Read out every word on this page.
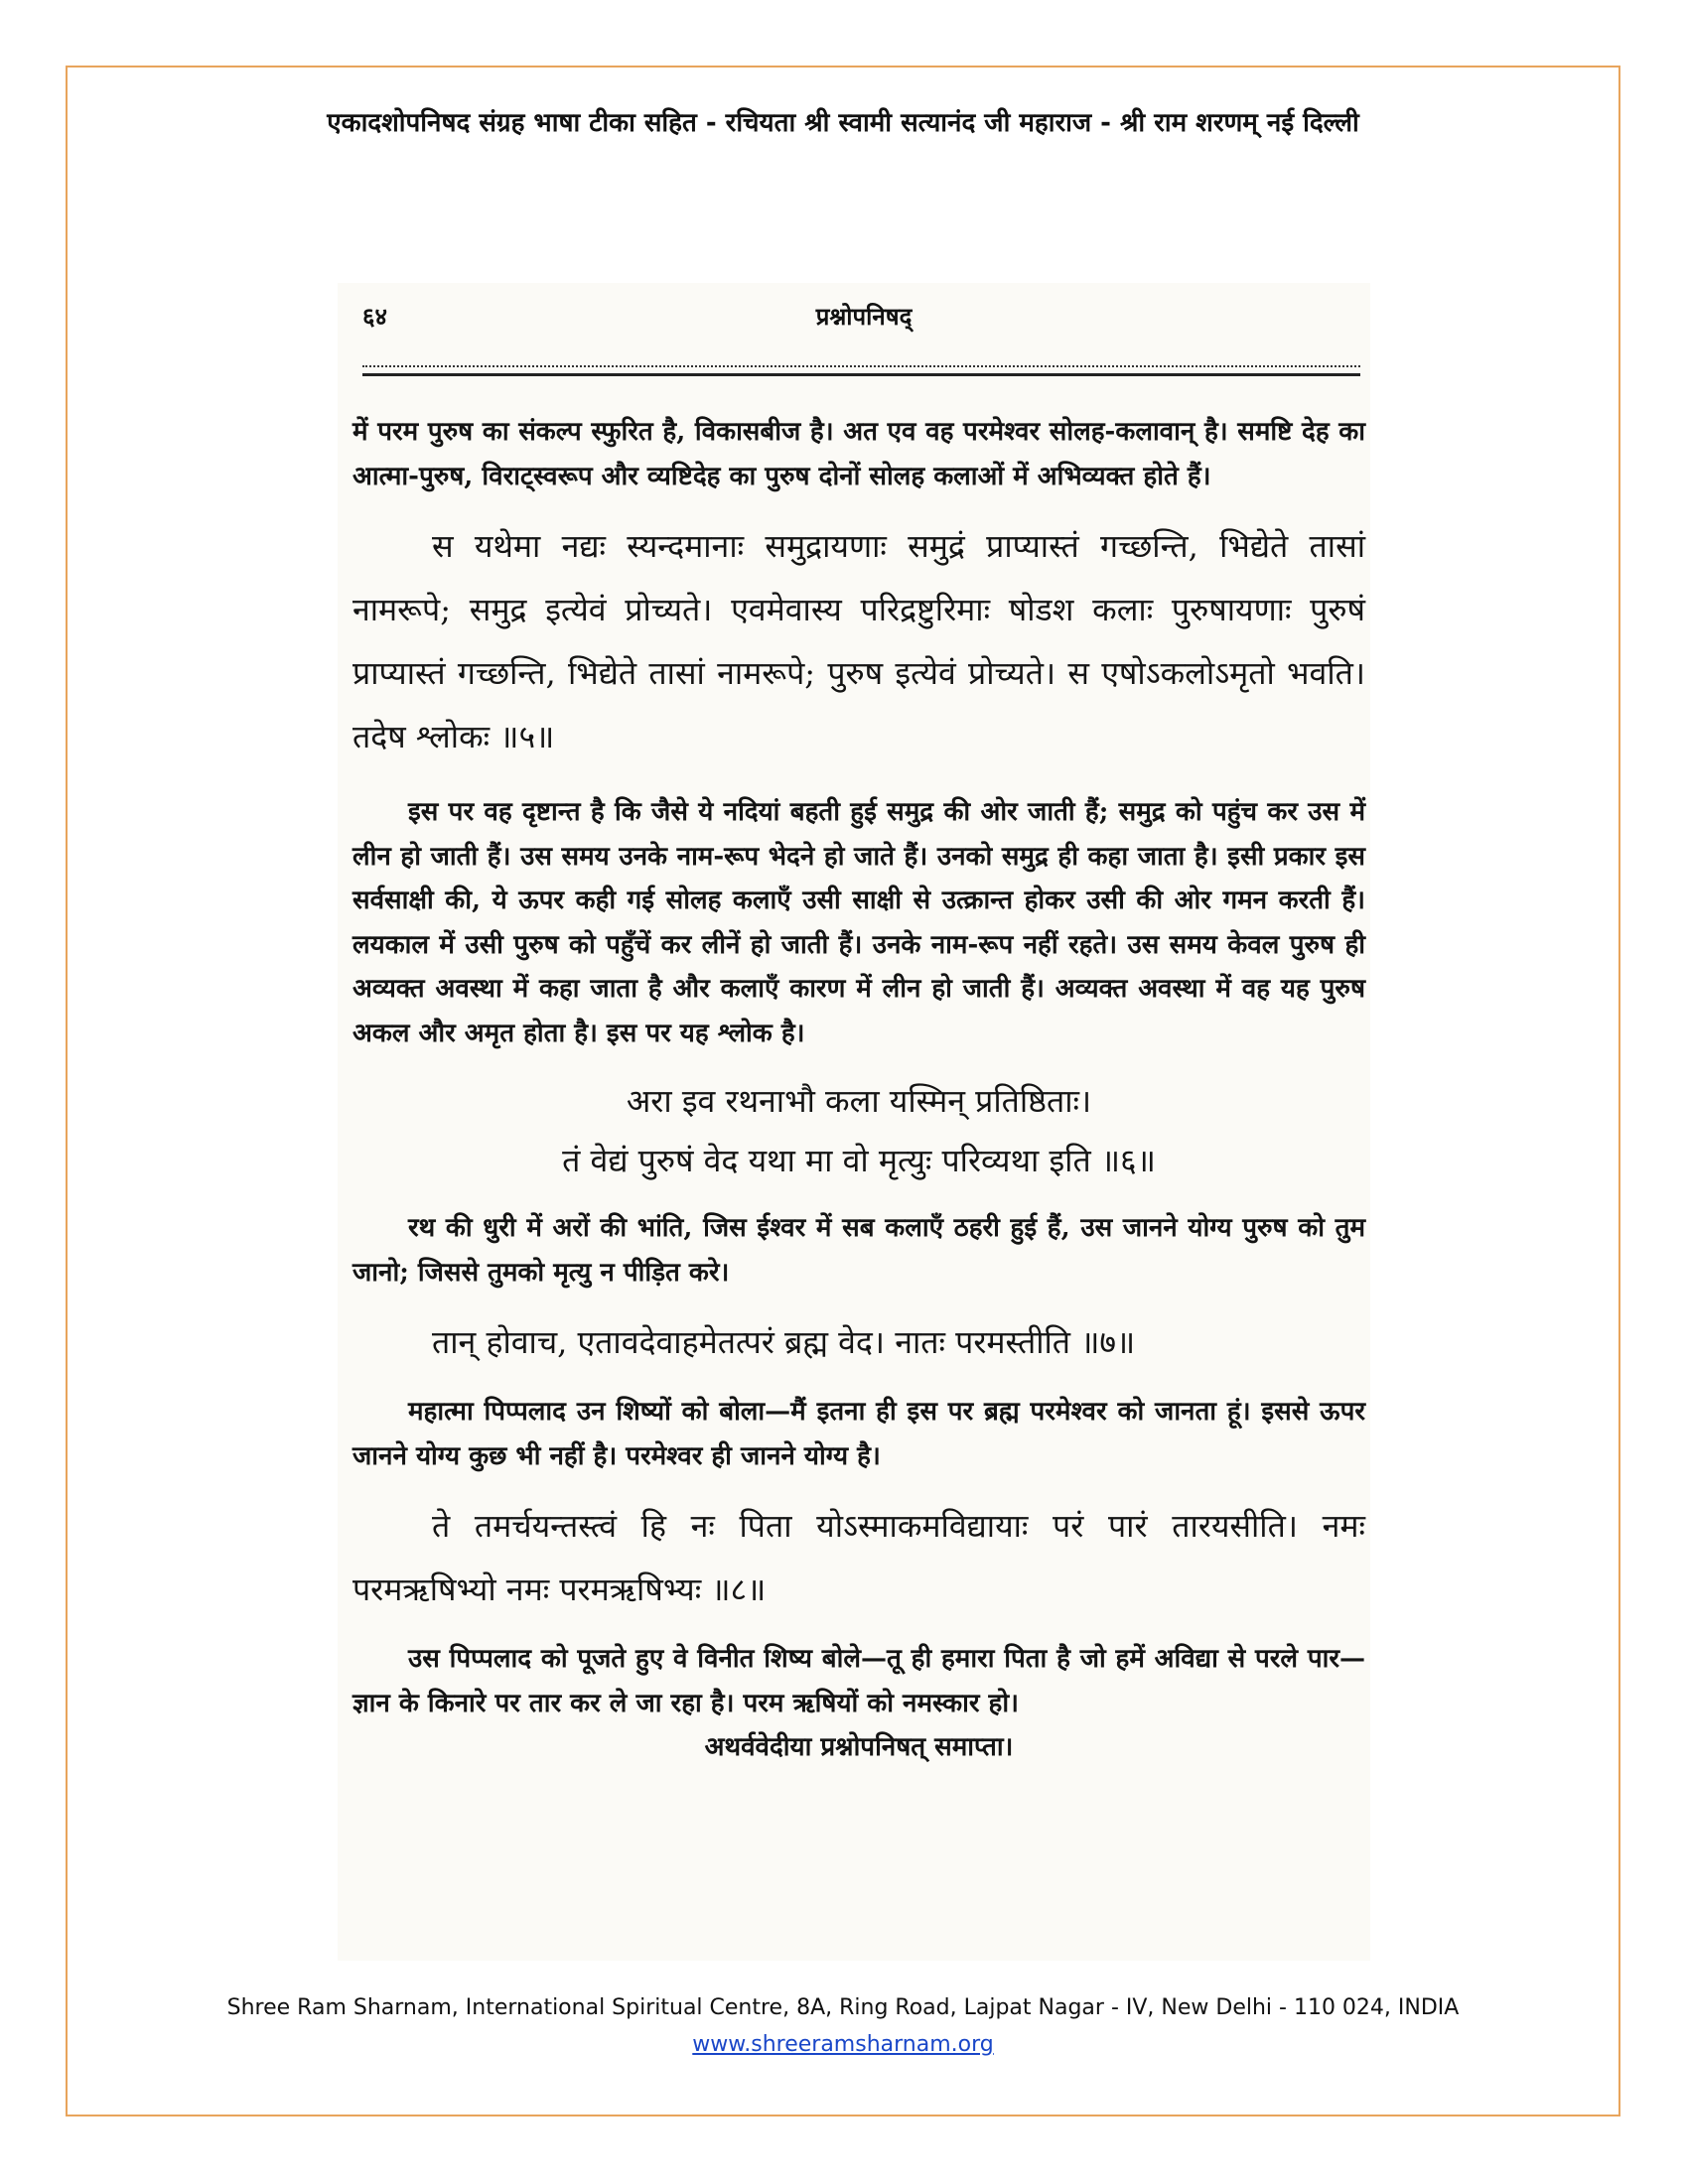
एकादशोपनिषद संग्रह भाषा टीका सहित - रचियता श्री स्वामी सत्यानंद जी महाराज - श्री राम शरणम् नई दिल्ली
६४	प्रश्नोपनिषद्

में परम पुरुष का संकल्प स्फुरित है, विकासबीज है। अत एव वह परमेश्वर सोलह-कलावान् है। समष्टि देह का आत्मा-पुरुष, विराट्स्वरूप और व्यष्टिदेह का पुरुष दोनों सोलह कलाओं में अभिव्यक्त होते हैं।

स यथेमा नद्यः स्यन्दमानाः समुद्रायणाः समुद्रं प्राप्यास्तं गच्छन्ति, भिद्येते तासां नामरूपे; समुद्र इत्येवं प्रोच्यते। एवमेवास्य परिद्रष्टुरिमाः षोडश कलाः पुरुषायणाः पुरुषं प्राप्यास्तं गच्छन्ति, भिद्येते तासां नामरूपे; पुरुष इत्येवं प्रोच्यते। स एषोऽकलोऽमृतो भवति। तदेष श्लोकः ॥५॥

इस पर वह दृष्टान्त है कि जैसे ये नदियां बहती हुई समुद्र की ओर जाती हैं; समुद्र को पहुंच कर उस में लीन हो जाती हैं। उस समय उनके नाम-रूप भेदने हो जाते हैं। उनको समुद्र ही कहा जाता है। इसी प्रकार इस सर्वसाक्षी की, ये ऊपर कही गई सोलह कलाएँ उसी साक्षी से उत्क्रान्त होकर उसी की ओर गमन करती हैं। लयकाल में उसी पुरुष को पहुँचें कर लीनें हो जाती हैं। उनके नाम-रूप नहीं रहते। उस समय केवल पुरुष ही अव्यक्त अवस्था में कहा जाता है और कलाएँ कारण में लीन हो जाती हैं। अव्यक्त अवस्था में वह यह पुरुष अकल और अमृत होता है। इस पर यह श्लोक है।

अरा इव रथनाभौ कला यस्मिन् प्रतिष्ठिताः।

तं वेद्यं पुरुषं वेद यथा मा वो मृत्युः परिव्यथा इति ॥६॥

रथ की धुरी में अरों की भांति, जिस ईश्वर में सब कलाएँ ठहरी हुई हैं, उस जानने योग्य पुरुष को तुम जानो; जिससे तुमको मृत्यु न पीड़ित करे।

तान् होवाच, एतावदेवाहमेतत्परं ब्रह्म वेद। नातः परमस्तीति ॥७॥

महात्मा पिप्पलाद उन शिष्यों को बोला—मैं इतना ही इस पर ब्रह्म परमेश्वर को जानता हूं। इससे ऊपर जानने योग्य कुछ भी नहीं है। परमेश्वर ही जानने योग्य है।

ते तमर्चयन्तस्त्वं हि नः पिता योऽस्माकमविद्यायाः परं पारं तारयसीति। नमः परमऋषिभ्यो नमः परमऋषिभ्यः ॥८॥

उस पिप्पलाद को पूजते हुए वे विनीत शिष्य बोले—तू ही हमारा पिता है जो हमें अविद्या से परले पार—ज्ञान के किनारे पर तार कर ले जा रहा है। परम ऋषियों को नमस्कार हो।

अथर्ववेदीया प्रश्नोपनिषत् समाप्ता।

Shree Ram Sharnam, International Spiritual Centre, 8A, Ring Road, Lajpat Nagar - IV, New Delhi - 110 024, INDIA
www.shreeramsharnam.org
